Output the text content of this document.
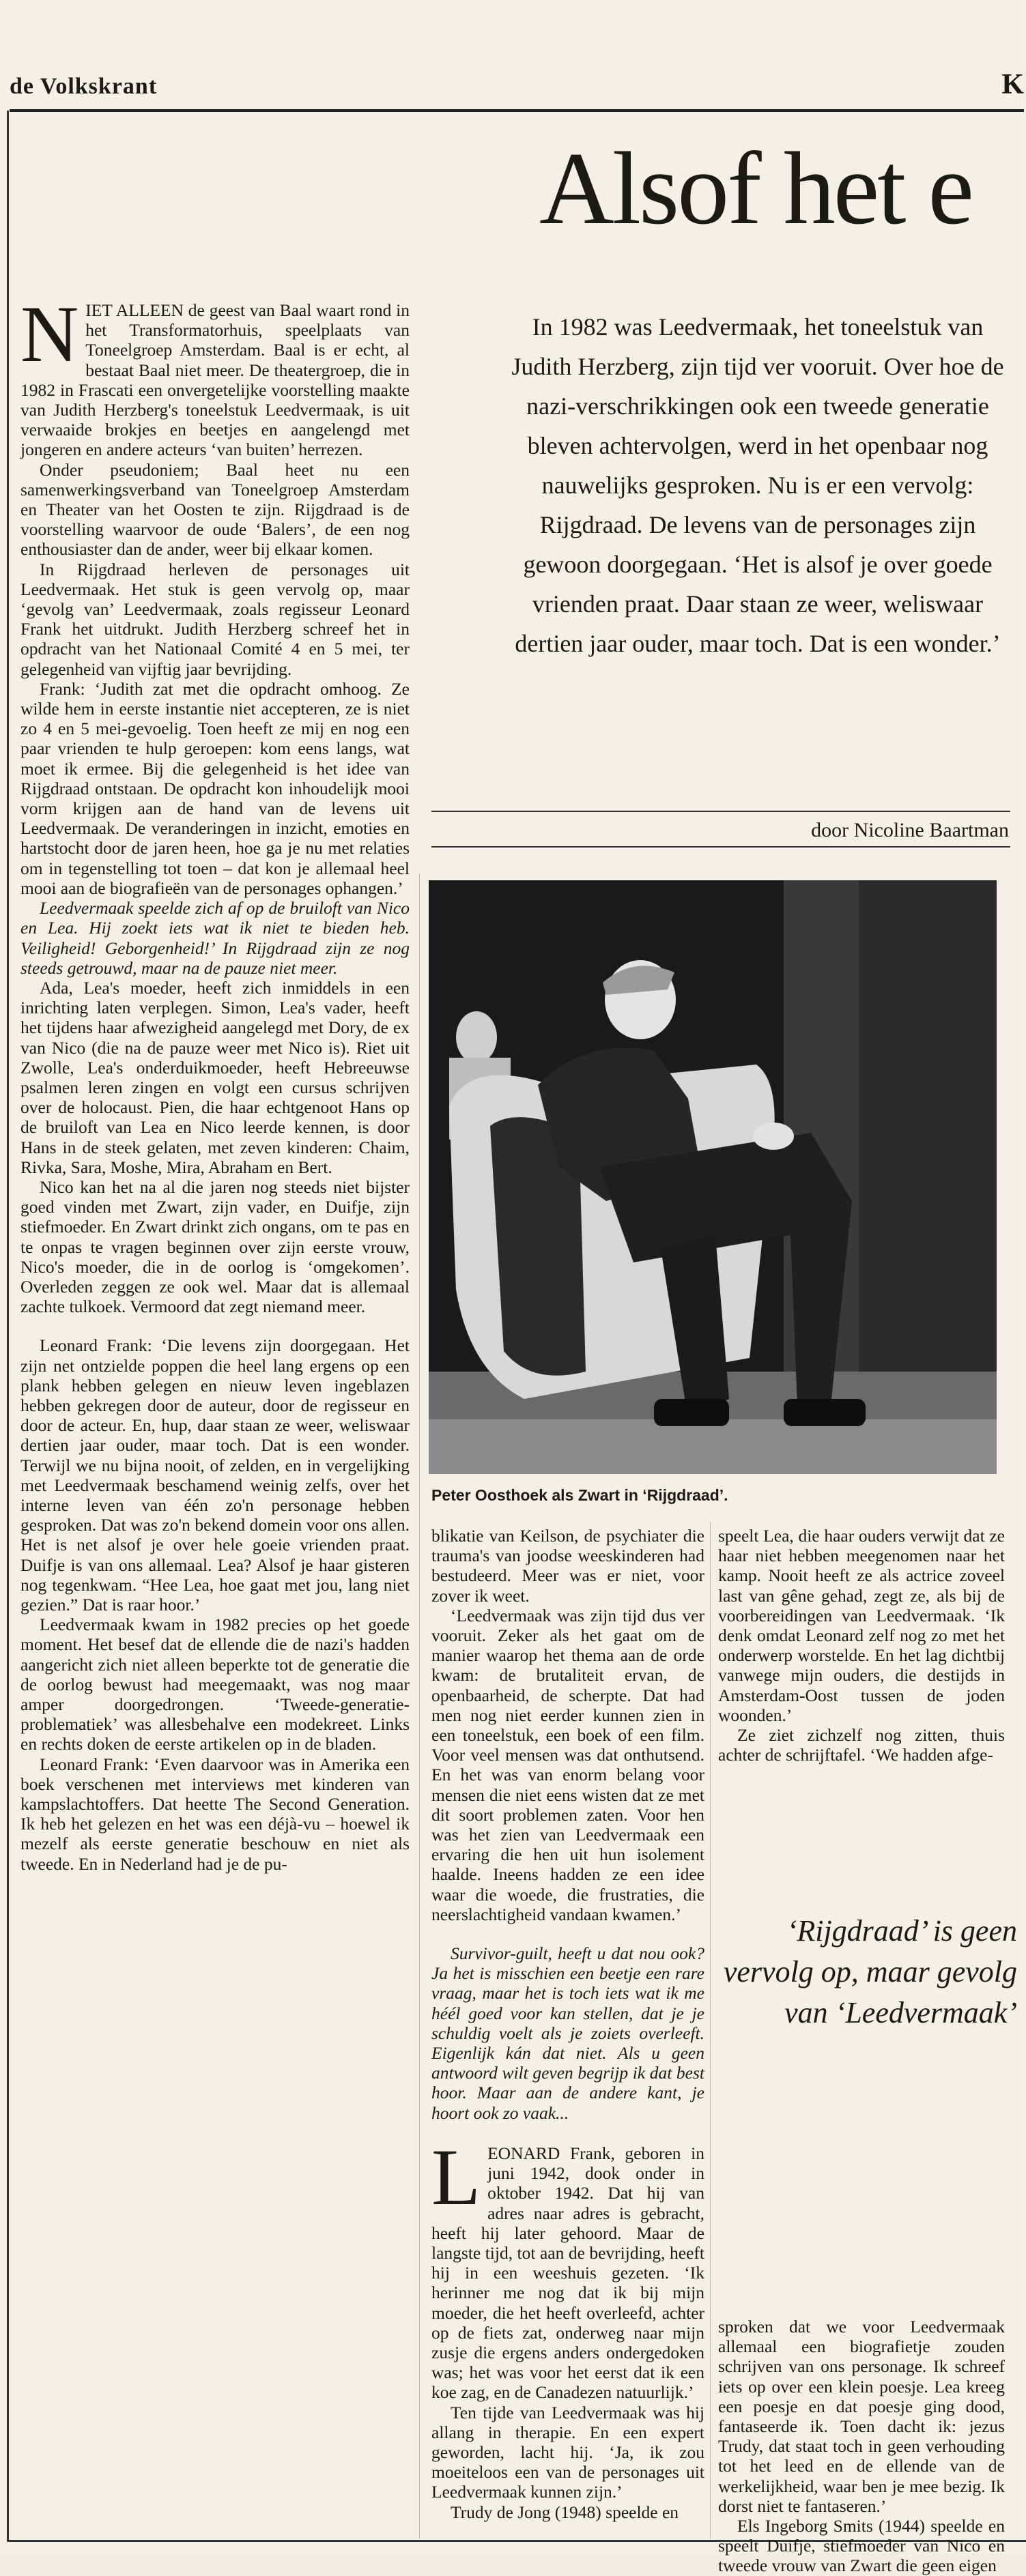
de Volkskrant	K
Alsof het e
In 1982 was Leedvermaak, het toneelstuk van Judith Herzberg, zijn tijd ver vooruit. Over hoe de nazi-verschrikkingen ook een tweede generatie bleven achtervolgen, werd in het openbaar nog nauwelijks gesproken. Nu is er een vervolg: Rijgdraad. De levens van de personages zijn gewoon doorgegaan. ‘Het is alsof je over goede vrienden praat. Daar staan ze weer, weliswaar dertien jaar ouder, maar toch. Dat is een wonder.’
door Nicoline Baartman
Peter Oosthoek als Zwart in ‘Rijgdraad’.

NIET ALLEEN de geest van Baal waart rond in het Transformatorhuis, speelplaats van Toneelgroep Amsterdam. Baal is er echt, al bestaat Baal niet meer. De theatergroep, die in 1982 in Frascati een onvergetelijke voorstelling maakte van Judith Herzberg's toneelstuk Leedvermaak, is uit verwaaide brokjes en beetjes en aangelengd met jongeren en andere acteurs ‘van buiten’ herrezen.

Onder pseudoniem; Baal heet nu een samenwerkingsverband van Toneelgroep Amsterdam en Theater van het Oosten te zijn. Rijgdraad is de voorstelling waarvoor de oude ‘Balers’, de een nog enthousiaster dan de ander, weer bij elkaar komen.

In Rijgdraad herleven de personages uit Leedvermaak. Het stuk is geen vervolg op, maar ‘gevolg van’ Leedvermaak, zoals regisseur Leonard Frank het uitdrukt. Judith Herzberg schreef het in opdracht van het Nationaal Comité 4 en 5 mei, ter gelegenheid van vijftig jaar bevrijding.

Frank: ‘Judith zat met die opdracht omhoog. Ze wilde hem in eerste instantie niet accepteren, ze is niet zo 4 en 5 mei-gevoelig. Toen heeft ze mij en nog een paar vrienden te hulp geroepen: kom eens langs, wat moet ik ermee. Bij die gelegenheid is het idee van Rijgdraad ontstaan. De opdracht kon inhoudelijk mooi vorm krijgen aan de hand van de levens uit Leedvermaak. De veranderingen in inzicht, emoties en hartstocht door de jaren heen, hoe ga je nu met relaties om in tegenstelling tot toen – dat kon je allemaal heel mooi aan de biografieën van de personages ophangen.’

Leedvermaak speelde zich af op de bruiloft van Nico en Lea. Hij zoekt iets wat ik niet te bieden heb. Veiligheid! Geborgenheid!’ In Rijgdraad zijn ze nog steeds getrouwd, maar na de pauze niet meer.

Ada, Lea's moeder, heeft zich inmiddels in een inrichting laten verplegen. Simon, Lea's vader, heeft het tijdens haar afwezigheid aangelegd met Dory, de ex van Nico (die na de pauze weer met Nico is). Riet uit Zwolle, Lea's onderduikmoeder, heeft Hebreeuwse psalmen leren zingen en volgt een cursus schrijven over de holocaust. Pien, die haar echtgenoot Hans op de bruiloft van Lea en Nico leerde kennen, is door Hans in de steek gelaten, met zeven kinderen: Chaim, Rivka, Sara, Moshe, Mira, Abraham en Bert.

Nico kan het na al die jaren nog steeds niet bijster goed vinden met Zwart, zijn vader, en Duifje, zijn stiefmoeder. En Zwart drinkt zich ongans, om te pas en te onpas te vragen beginnen over zijn eerste vrouw, Nico's moeder, die in de oorlog is ‘omgekomen’. Overleden zeggen ze ook wel. Maar dat is allemaal zachte tulkoek. Vermoord dat zegt niemand meer.

Leonard Frank: ‘Die levens zijn doorgegaan. Het zijn net ontzielde poppen die heel lang ergens op een plank hebben gelegen en nieuw leven ingeblazen hebben gekregen door de auteur, door de regisseur en door de acteur. En, hup, daar staan ze weer, weliswaar dertien jaar ouder, maar toch. Dat is een wonder. Terwijl we nu bijna nooit, of zelden, en in vergelijking met Leedvermaak beschamend weinig zelfs, over het interne leven van één zo'n personage hebben gesproken. Dat was zo'n bekend domein voor ons allen. Het is net alsof je over hele goeie vrienden praat. Duifje is van ons allemaal. Lea? Alsof je haar gisteren nog tegenkwam. “Hee Lea, hoe gaat met jou, lang niet gezien.” Dat is raar hoor.’

Leedvermaak kwam in 1982 precies op het goede moment. Het besef dat de ellende die de nazi's hadden aangericht zich niet alleen beperkte tot de generatie die de oorlog bewust had meegemaakt, was nog maar amper doorgedrongen. ‘Tweede-generatie-problematiek’ was allesbehalve een modekreet. Links en rechts doken de eerste artikelen op in de bladen.

Leonard Frank: ‘Even daarvoor was in Amerika een boek verschenen met interviews met kinderen van kampslachtoffers. Dat heette The Second Generation. Ik heb het gelezen en het was een déjà-vu – hoewel ik mezelf als eerste generatie beschouw en niet als tweede. En in Nederland had je de pu-

blikatie van Keilson, de psychiater die trauma's van joodse weeskinderen had bestudeerd. Meer was er niet, voor zover ik weet.

‘Leedvermaak was zijn tijd dus ver vooruit. Zeker als het gaat om de manier waarop het thema aan de orde kwam: de brutaliteit ervan, de openbaarheid, de scherpte. Dat had men nog niet eerder kunnen zien in een toneelstuk, een boek of een film. Voor veel mensen was dat onthutsend. En het was van enorm belang voor mensen die niet eens wisten dat ze met dit soort problemen zaten. Voor hen was het zien van Leedvermaak een ervaring die hen uit hun isolement haalde. Ineens hadden ze een idee waar die woede, die frustraties, die neerslachtigheid vandaan kwamen.’

Survivor-guilt, heeft u dat nou ook? Ja het is misschien een beetje een rare vraag, maar het is toch iets wat ik me héél goed voor kan stellen, dat je je schuldig voelt als je zoiets overleeft. Eigenlijk kán dat niet. Als u geen antwoord wilt geven begrijp ik dat best hoor. Maar aan de andere kant, je hoort ook zo vaak...

LEONARD Frank, geboren in juni 1942, dook onder in oktober 1942. Dat hij van adres naar adres is gebracht, heeft hij later gehoord. Maar de langste tijd, tot aan de bevrijding, heeft hij in een weeshuis gezeten. ‘Ik herinner me nog dat ik bij mijn moeder, die het heeft overleefd, achter op de fiets zat, onderweg naar mijn zusje die ergens anders ondergedoken was; het was voor het eerst dat ik een koe zag, en de Canadezen natuurlijk.’

Ten tijde van Leedvermaak was hij allang in therapie. En een expert geworden, lacht hij. ‘Ja, ik zou moeiteloos een van de personages uit Leedvermaak kunnen zijn.’

Trudy de Jong (1948) speelde en

speelt Lea, die haar ouders verwijt dat ze haar niet hebben meegenomen naar het kamp. Nooit heeft ze als actrice zoveel last van gêne gehad, zegt ze, als bij de voorbereidingen van Leedvermaak. ‘Ik denk omdat Leonard zelf nog zo met het onderwerp worstelde. En het lag dichtbij vanwege mijn ouders, die destijds in Amsterdam-Oost tussen de joden woonden.’

Ze ziet zichzelf nog zitten, thuis achter de schrijftafel. ‘We hadden afge-

‘Rijgdraad’ is geen vervolg op, maar gevolg van ‘Leedvermaak’

sproken dat we voor Leedvermaak allemaal een biografietje zouden schrijven van ons personage. Ik schreef iets op over een klein poesje. Lea kreeg een poesje en dat poesje ging dood, fantaseerde ik. Toen dacht ik: jezus Trudy, dat staat toch in geen verhouding tot het leed en de ellende van de werkelijkheid, waar ben je mee bezig. Ik dorst niet te fantaseren.’

Els Ingeborg Smits (1944) speelde en speelt Duifje, stiefmoeder van Nico en tweede vrouw van Zwart die geen eigen
